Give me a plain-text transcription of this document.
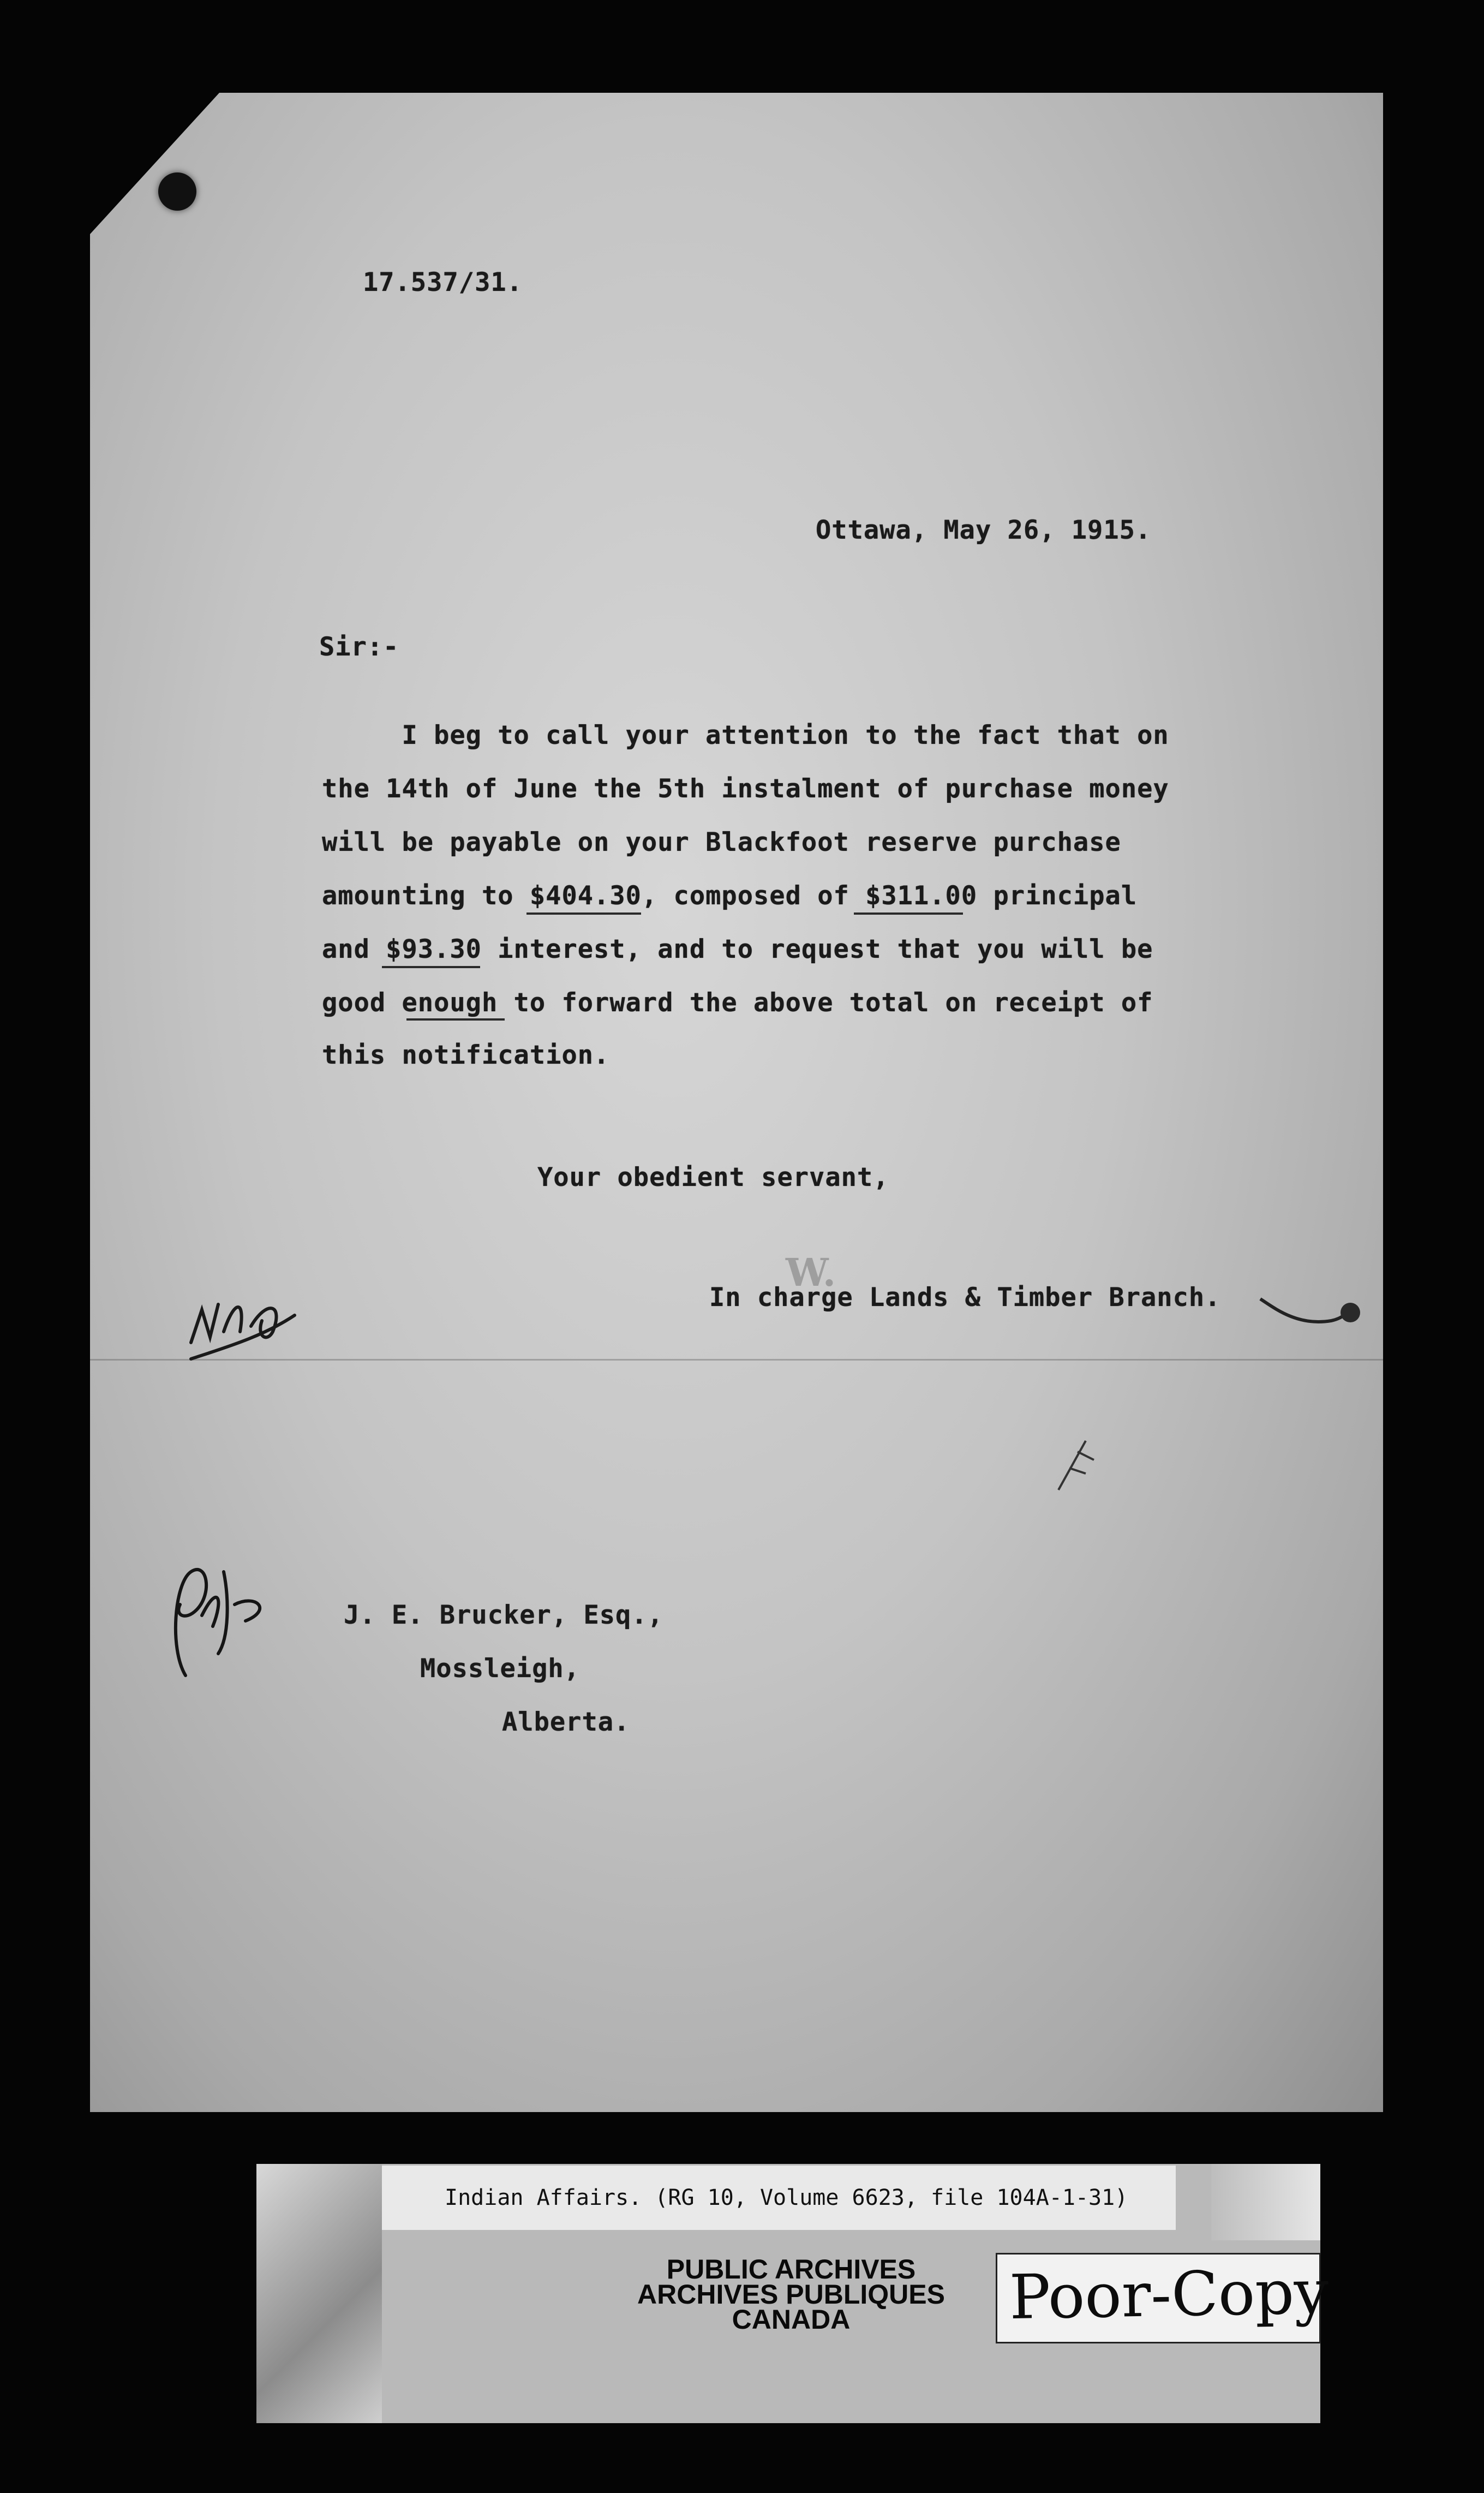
17.537/31.
Ottawa, May 26, 1915.
Sir:-
I beg to call your attention to the fact that on
the 14th of June the 5th instalment of purchase money
will be payable on your Blackfoot reserve purchase
amounting to $404.30, composed of $311.00 principal
and $93.30 interest, and to request that you will be
good enough to forward the above total on receipt of
this notification.
Your obedient servant,
W.
In charge Lands & Timber Branch.
J. E. Brucker, Esq.,
Mossleigh,
Alberta.
Indian Affairs. (RG 10, Volume 6623, file 104A-1-31)
PUBLIC ARCHIVES
ARCHIVES PUBLIQUES
CANADA	Poor-Copy
